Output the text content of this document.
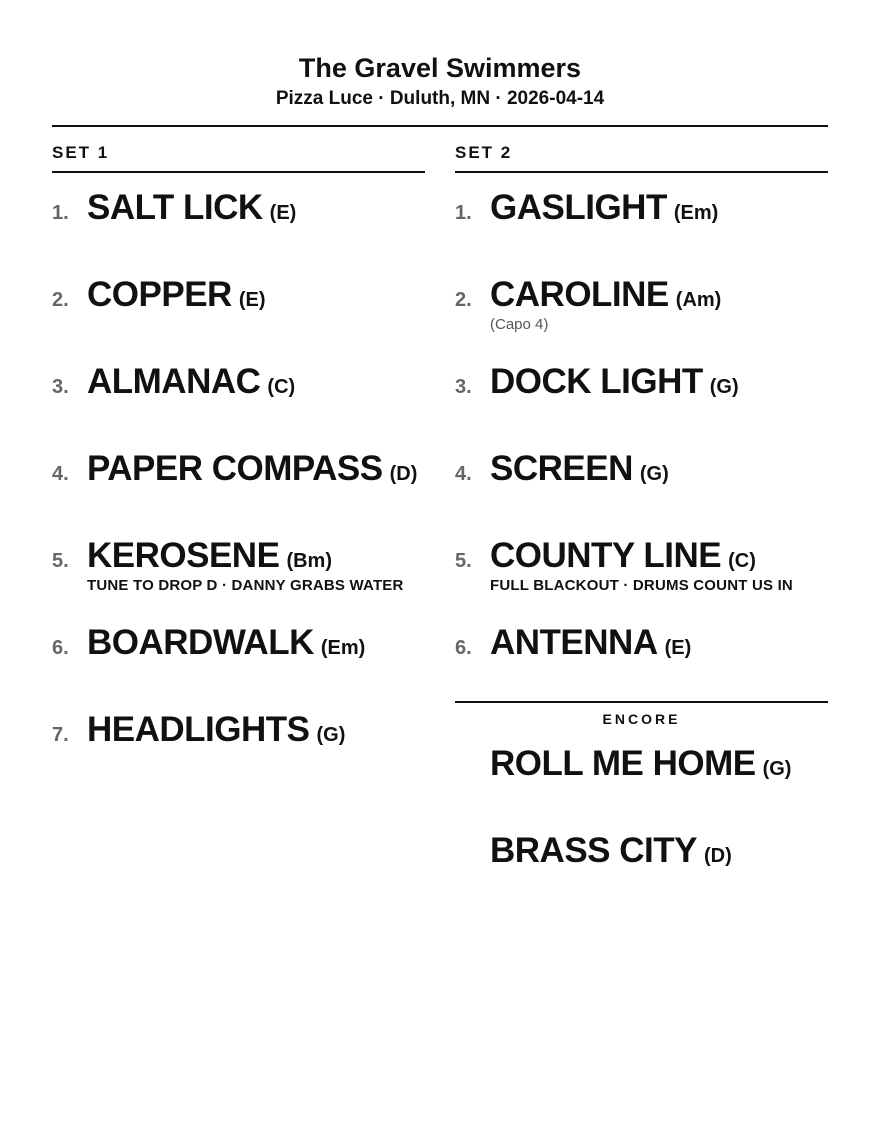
The Gravel Swimmers
Pizza Luce · Duluth, MN · 2026-04-14
SET 1
1. SALT LICK (E)
2. COPPER (E)
3. ALMANAC (C)
4. PAPER COMPASS (D)
5. KEROSENE (Bm)
TUNE TO DROP D · DANNY GRABS WATER
6. BOARDWALK (Em)
7. HEADLIGHTS (G)
SET 2
1. GASLIGHT (Em)
2. CAROLINE (Am)
(Capo 4)
3. DOCK LIGHT (G)
4. SCREEN (G)
5. COUNTY LINE (C)
FULL BLACKOUT · DRUMS COUNT US IN
6. ANTENNA (E)
ENCORE
ROLL ME HOME (G)
BRASS CITY (D)
